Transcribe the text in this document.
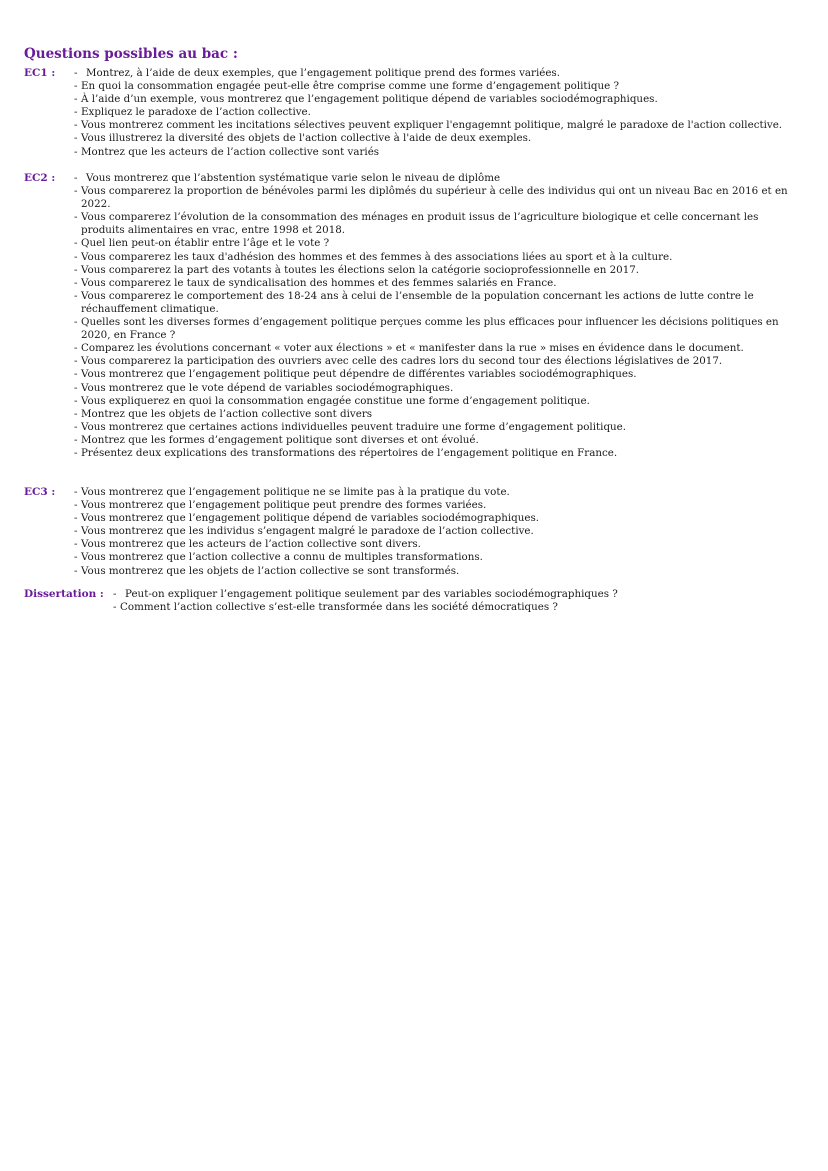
Questions possibles au bac :
EC1 : - Montrez, à l’aide de deux exemples, que l’engagement politique prend des formes variées.
- En quoi la consommation engagée peut-elle être comprise comme une forme d’engagement politique ?
- À l’aide d’un exemple, vous montrerez que l’engagement politique dépend de variables sociodémographiques.
- Expliquez le paradoxe de l’action collective.
- Vous montrerez comment les incitations sélectives peuvent expliquer l'engagemnt politique, malgré le paradoxe de l'action collective.
- Vous illustrerez la diversité des objets de l'action collective à l'aide de deux exemples.
- Montrez que les acteurs de l’action collective sont variés
EC2 : - Vous montrerez que l’abstention systématique varie selon le niveau de diplôme
- Vous comparerez la proportion de bénévoles parmi les diplômés du supérieur à celle des individus qui ont un niveau Bac en 2016 et en 2022.
- Vous comparerez l’évolution de la consommation des ménages en produit issus de l’agriculture biologique et celle concernant les produits alimentaires en vrac, entre 1998 et 2018.
- Quel lien peut-on établir entre l’âge et le vote ?
- Vous comparerez les taux d'adhésion des hommes et des femmes à des associations liées au sport et à la culture.
- Vous comparerez la part des votants à toutes les élections selon la catégorie socioprofessionnelle en 2017.
- Vous comparerez le taux de syndicalisation des hommes et des femmes salariés en France.
- Vous comparerez le comportement des 18-24 ans à celui de l’ensemble de la population concernant les actions de lutte contre le réchauffement climatique.
- Quelles sont les diverses formes d’engagement politique perçues comme les plus efficaces pour influencer les décisions politiques en 2020, en France ?
- Comparez les évolutions concernant « voter aux élections » et « manifester dans la rue » mises en évidence dans le document.
- Vous comparerez la participation des ouvriers avec celle des cadres lors du second tour des élections législatives de 2017.
- Vous montrerez que l’engagement politique peut dépendre de différentes variables sociodémographiques.
- Vous montrerez que le vote dépend de variables sociodémographiques.
- Vous expliquerez en quoi la consommation engagée constitue une forme d’engagement politique.
- Montrez que les objets de l’action collective sont divers
- Vous montrerez que certaines actions individuelles peuvent traduire une forme d’engagement politique.
- Montrez que les formes d’engagement politique sont diverses et ont évolué.
- Présentez deux explications des transformations des répertoires de l’engagement politique en France.
EC3 : - Vous montrerez que l’engagement politique ne se limite pas à la pratique du vote.
- Vous montrerez que l’engagement politique peut prendre des formes variées.
- Vous montrerez que l’engagement politique dépend de variables sociodémographiques.
- Vous montrerez que les individus s’engagent malgré le paradoxe de l’action collective.
- Vous montrerez que les acteurs de l’action collective sont divers.
- Vous montrerez que l’action collective a connu de multiples transformations.
- Vous montrerez que les objets de l’action collective se sont transformés.
Dissertation : - Peut-on expliquer l’engagement politique seulement par des variables sociodémographiques ?
- Comment l’action collective s’est-elle transformée dans les société démocratiques ?
